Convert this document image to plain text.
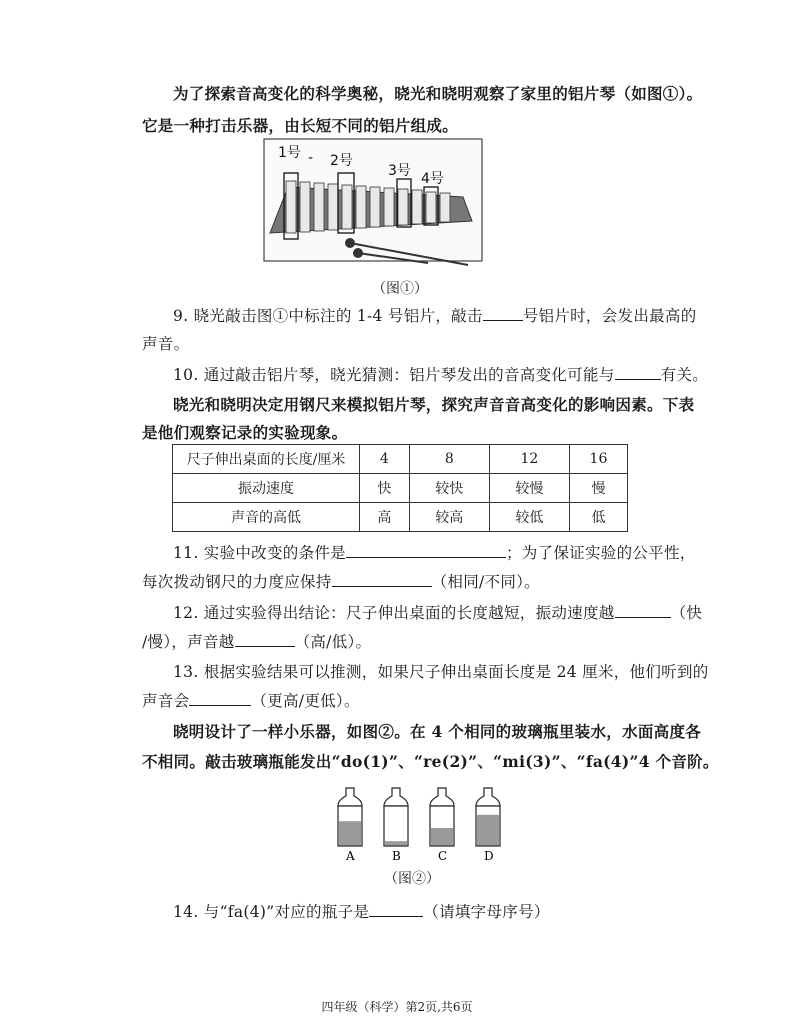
为了探索音高变化的科学奥秘，晓光和晓明观察了家里的铝片琴（如图①）。
它是一种打击乐器，由长短不同的铝片组成。
1号 - 2号
3号 4号
（图①）
9. 晓光敲击图①中标注的 1-4 号铝片，敲击	号铝片时，会发出最高的
声音。
10. 通过敲击铝片琴，晓光猜测：铝片琴发出的音高变化可能与	有关。
晓光和晓明决定用钢尺来模拟铝片琴，探究声音音高变化的影响因素。下表
是他们观察记录的实验现象。
尺子伸出桌面的长度/厘米	4	8	12	16
振动速度	快	较快	较慢	慢
声音的高低	高	较高	较低	低
11. 实验中改变的条件是	；为了保证实验的公平性，
每次拨动钢尺的力度应保持	（相同/不同）。
12. 通过实验得出结论：尺子伸出桌面的长度越短，振动速度越	（快
/慢），声音越	（高/低）。
13. 根据实验结果可以推测，如果尺子伸出桌面长度是 24 厘米，他们听到的
声音会	（更高/更低）。
晓明设计了一样小乐器，如图②。在 4 个相同的玻璃瓶里装水，水面高度各
不相同。敲击玻璃瓶能发出“do(1)”、“re(2)”、“mi(3)”、“fa(4)”4 个音阶。
A	B	C	D
（图②）
14. 与“fa(4)”对应的瓶子是	（请填字母序号）
四年级（科学）第2页,共6页
